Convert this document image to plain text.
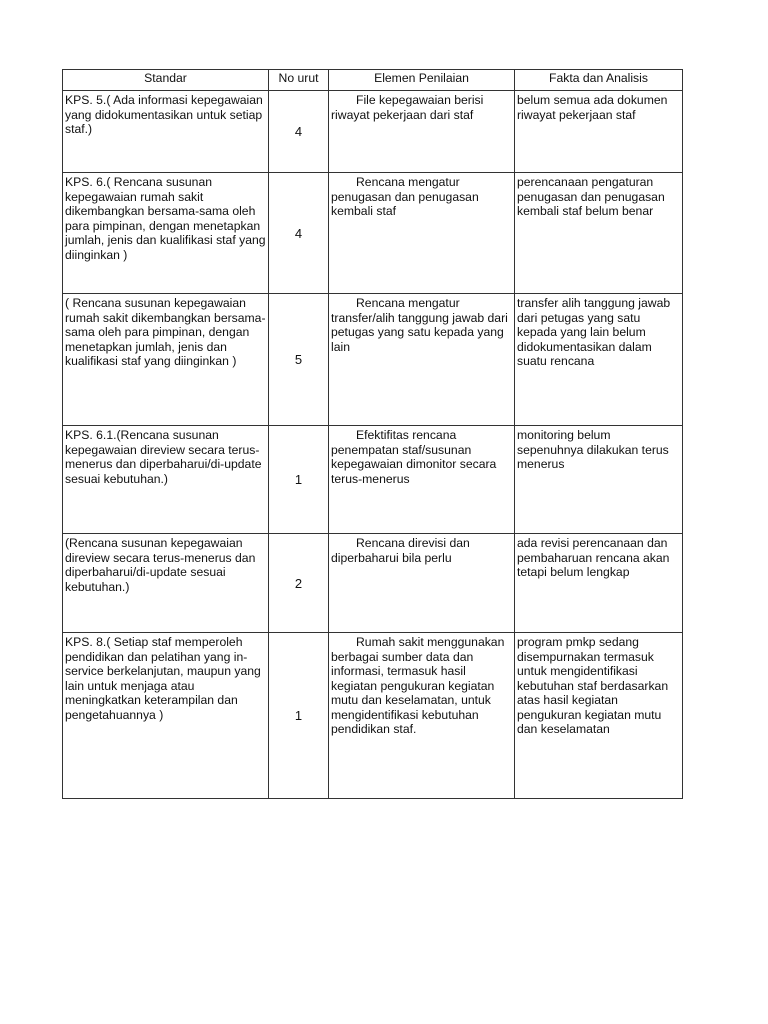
Standar	No urut	Elemen Penilaian	Fakta dan Analisis
KPS. 5.( Ada informasi kepegawaian yang didokumentasikan untuk setiap staf.)	4	File kepegawaian berisi riwayat pekerjaan dari staf	belum semua ada dokumen riwayat pekerjaan staf
KPS. 6.( Rencana susunan kepegawaian rumah sakit dikembangkan bersama-sama oleh para pimpinan, dengan menetapkan jumlah, jenis dan kualifikasi staf yang diinginkan )	4	Rencana mengatur penugasan dan penugasan kembali staf	perencanaan pengaturan penugasan dan penugasan kembali staf belum benar
( Rencana susunan kepegawaian rumah sakit dikembangkan bersama-sama oleh para pimpinan, dengan menetapkan jumlah, jenis dan kualifikasi staf yang diinginkan )	5	Rencana mengatur transfer/alih tanggung jawab dari petugas yang satu kepada yang lain	transfer alih tanggung jawab dari petugas yang satu kepada yang lain belum didokumentasikan dalam suatu rencana
KPS. 6.1.(Rencana susunan kepegawaian direview secara terus-menerus dan diperbaharui/di-update sesuai kebutuhan.)	1	Efektifitas rencana penempatan staf/susunan kepegawaian dimonitor secara terus-menerus	monitoring belum sepenuhnya dilakukan terus menerus
(Rencana susunan kepegawaian direview secara terus-menerus dan diperbaharui/di-update sesuai kebutuhan.)	2	Rencana direvisi dan diperbaharui bila perlu	ada revisi perencanaan dan pembaharuan rencana akan tetapi belum lengkap
KPS. 8.( Setiap staf memperoleh pendidikan dan pelatihan yang in-service berkelanjutan, maupun yang lain untuk menjaga atau meningkatkan keterampilan dan pengetahuannya )	1	Rumah sakit menggunakan berbagai sumber data dan informasi, termasuk hasil kegiatan pengukuran kegiatan mutu dan keselamatan, untuk mengidentifikasi kebutuhan pendidikan staf.	program pmkp sedang disempurnakan termasuk untuk mengidentifikasi kebutuhan staf berdasarkan atas hasil kegiatan pengukuran kegiatan mutu dan keselamatan
